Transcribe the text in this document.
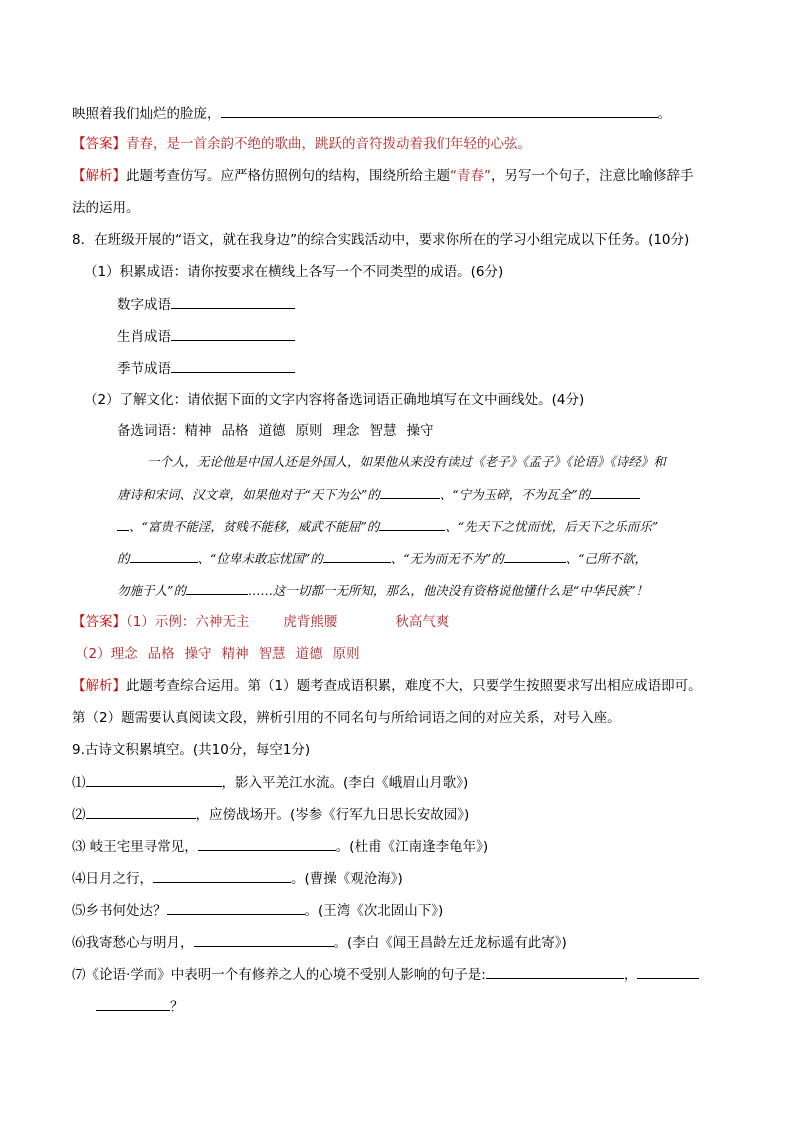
映照着我们灿烂的脸庞，	。
【答案】青春，是一首余韵不绝的歌曲，跳跃的音符拨动着我们年轻的心弦。
【解析】此题考查仿写。应严格仿照例句的结构，围绕所给主题“青春”，另写一个句子，注意比喻修辞手
法的运用。
8．在班级开展的“语文，就在我身边”的综合实践活动中，要求你所在的学习小组完成以下任务。(10分)
（1）积累成语：请你按要求在横线上各写一个不同类型的成语。(6分)
数字成语
生肖成语
季节成语
（2）了解文化：请依据下面的文字内容将备选词语正确地填写在文中画线处。(4分)
备选词语：精神 品格 道德 原则 理念 智慧 操守
一个人，无论他是中国人还是外国人，如果他从来没有读过《老子》《孟子》《论语》《诗经》和
唐诗和宋词、汉文章，如果他对于“天下为公”的	、“宁为玉碎，不为瓦全”的
、“富贵不能淫，贫贱不能移，威武不能屈”的	、“先天下之忧而忧，后天下之乐而乐”
的	、“位卑未敢忘忧国”的	、“无为而无不为”的	、“己所不欲，
勿施于人”的	……这一切都一无所知，那么，他决没有资格说他懂什么是“中华民族”！
【答案】（1）示例：六神无主	虎背熊腰	秋高气爽
（2）理念 品格 操守 精神 智慧 道德 原则
【解析】此题考查综合运用。第（1）题考查成语积累，难度不大，只要学生按照要求写出相应成语即可。
第（2）题需要认真阅读文段，辨析引用的不同名句与所给词语之间的对应关系，对号入座。
9.古诗文积累填空。(共10分，每空1分)
⑴	，影入平羌江水流。(李白《峨眉山月歌》)
⑵	，应傍战场开。(岑参《行军九日思长安故园》)
⑶ 岐王宅里寻常见，	。(杜甫《江南逢李龟年》)
⑷日月之行，	。(曹操《观沧海》)
⑸乡书何处达？	。(王湾《次北固山下》)
⑹我寄愁心与明月，	。(李白《闻王昌龄左迁龙标遥有此寄》)
⑺《论语·学而》中表明一个有修养之人的心境不受别人影响的句子是:	，
？
